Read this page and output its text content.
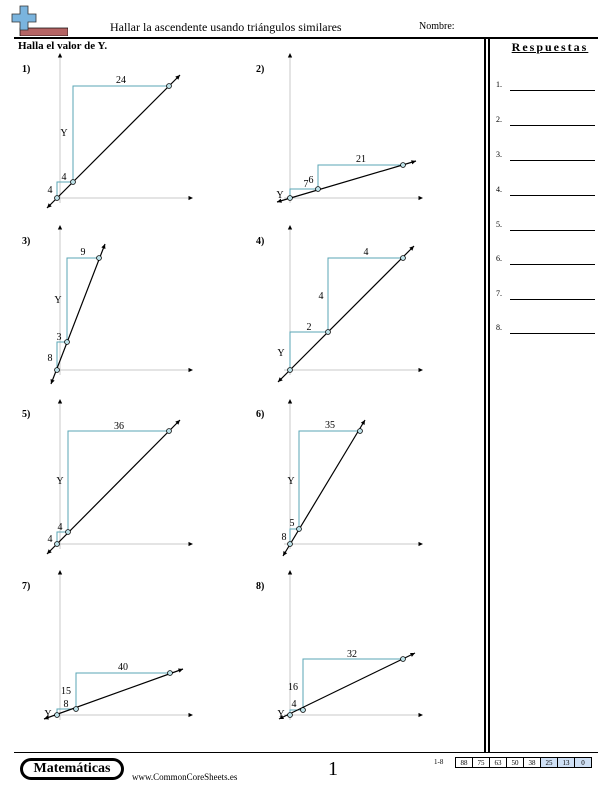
Hallar la ascendente usando triángulos similares	Nombre:
Halla el valor de Y.	Respuestas
1.
2.
3.
4.
5.
6.
7.
8.
4
4
24
Y
Y
7
21
6
8
3
9
Y
Y
2
4
4
4
4
36
Y
8
5
35
Y
Y
8
40
15
Y
4
32
16
1)	2)
3)	4)
5)	6)
7)	8)
Matemáticas
www.CommonCoreSheets.es	1	1-8 88	75	63	50	38	25	13	0
